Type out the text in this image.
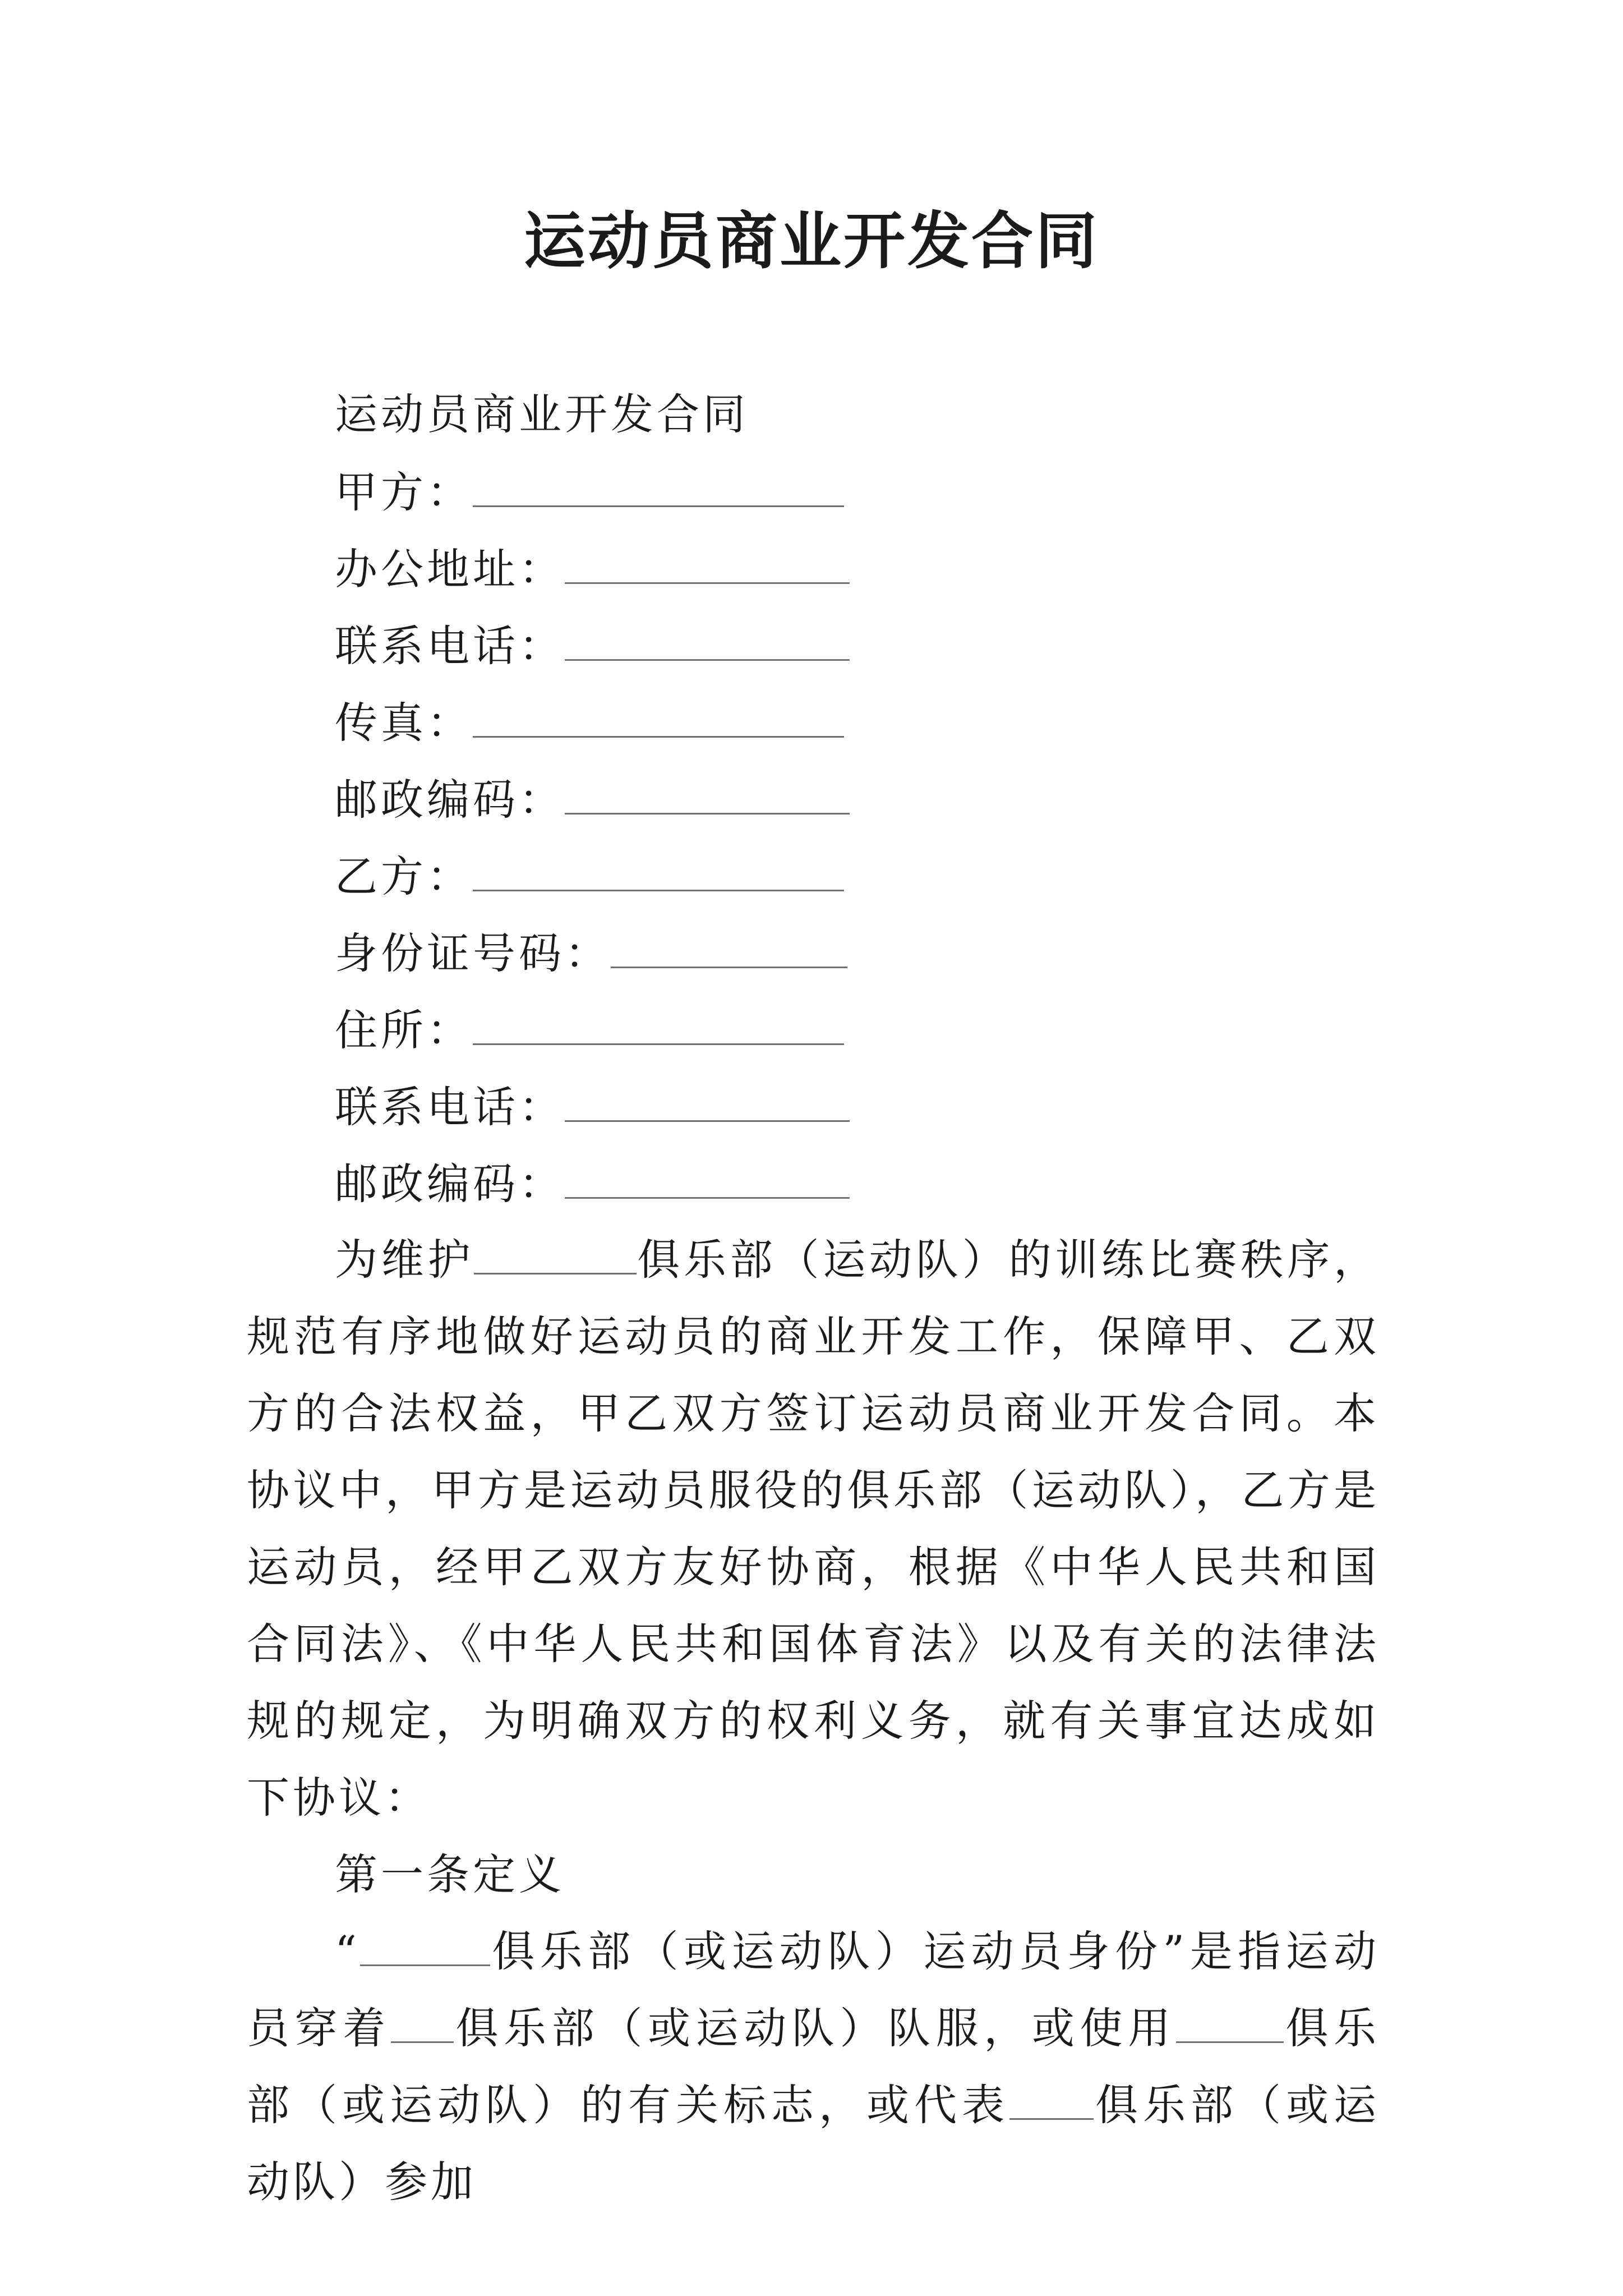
运动员商业开发合同
运动员商业开发合同
甲方：
办公地址：
联系电话：
传真：
邮政编码：
乙方：
身份证号码：
住所：
联系电话：
邮政编码：

为维护	俱乐部（运动队）的训练比赛秩序，规范有序地做好运动员的商业开发工作，保障甲、乙双方的合法权益，甲乙双方签订运动员商业开发合同。本协议中，甲方是运动员服役的俱乐部（运动队），乙方是运动员，经甲乙双方友好协商，根据《中华人民共和国合同法》、《中华人民共和国体育法》以及有关的法律法规的规定，为明确双方的权利义务，就有关事宜达成如下协议：

第一条定义

“	俱乐部（或运动队）运动员身份”是指运动员穿着 俱乐部（或运动队）队服，或使用	俱乐部（或运动队）的有关标志，或代表 俱乐部（或运动队）参加
